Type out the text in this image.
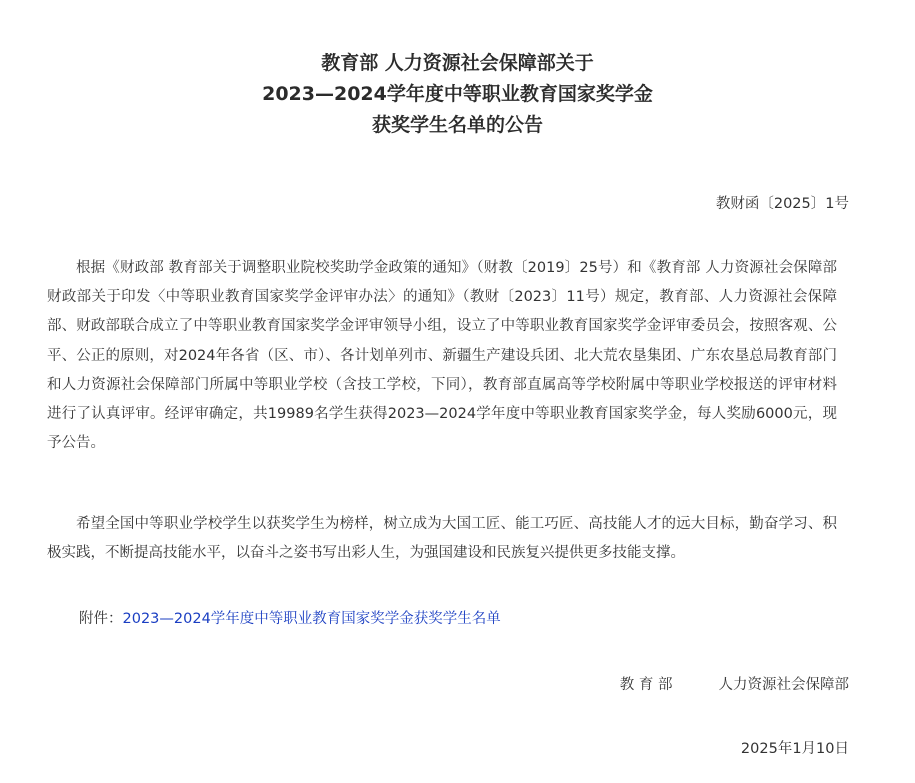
教育部 人力资源社会保障部关于
2023—2024学年度中等职业教育国家奖学金
获奖学生名单的公告
教财函〔2025〕1号

根据《财政部 教育部关于调整职业院校奖助学金政策的通知》（财教〔2019〕25号）和《教育部 人力资源社会保障部 财政部关于印发〈中等职业教育国家奖学金评审办法〉的通知》（教财〔2023〕11号）规定，教育部、人力资源社会保障部、财政部联合成立了中等职业教育国家奖学金评审领导小组，设立了中等职业教育国家奖学金评审委员会，按照客观、公平、公正的原则，对2024年各省（区、市）、各计划单列市、新疆生产建设兵团、北大荒农垦集团、广东农垦总局教育部门和人力资源社会保障部门所属中等职业学校（含技工学校，下同），教育部直属高等学校附属中等职业学校报送的评审材料进行了认真评审。经评审确定，共19989名学生获得2023—2024学年度中等职业教育国家奖学金，每人奖励6000元，现予公告。

希望全国中等职业学校学生以获奖学生为榜样，树立成为大国工匠、能工巧匠、高技能人才的远大目标，勤奋学习、积极实践，不断提高技能水平，以奋斗之姿书写出彩人生，为强国建设和民族复兴提供更多技能支撑。

附件：2023—2024学年度中等职业教育国家奖学金获奖学生名单
教 育 部	人力资源社会保障部
2025年1月10日
